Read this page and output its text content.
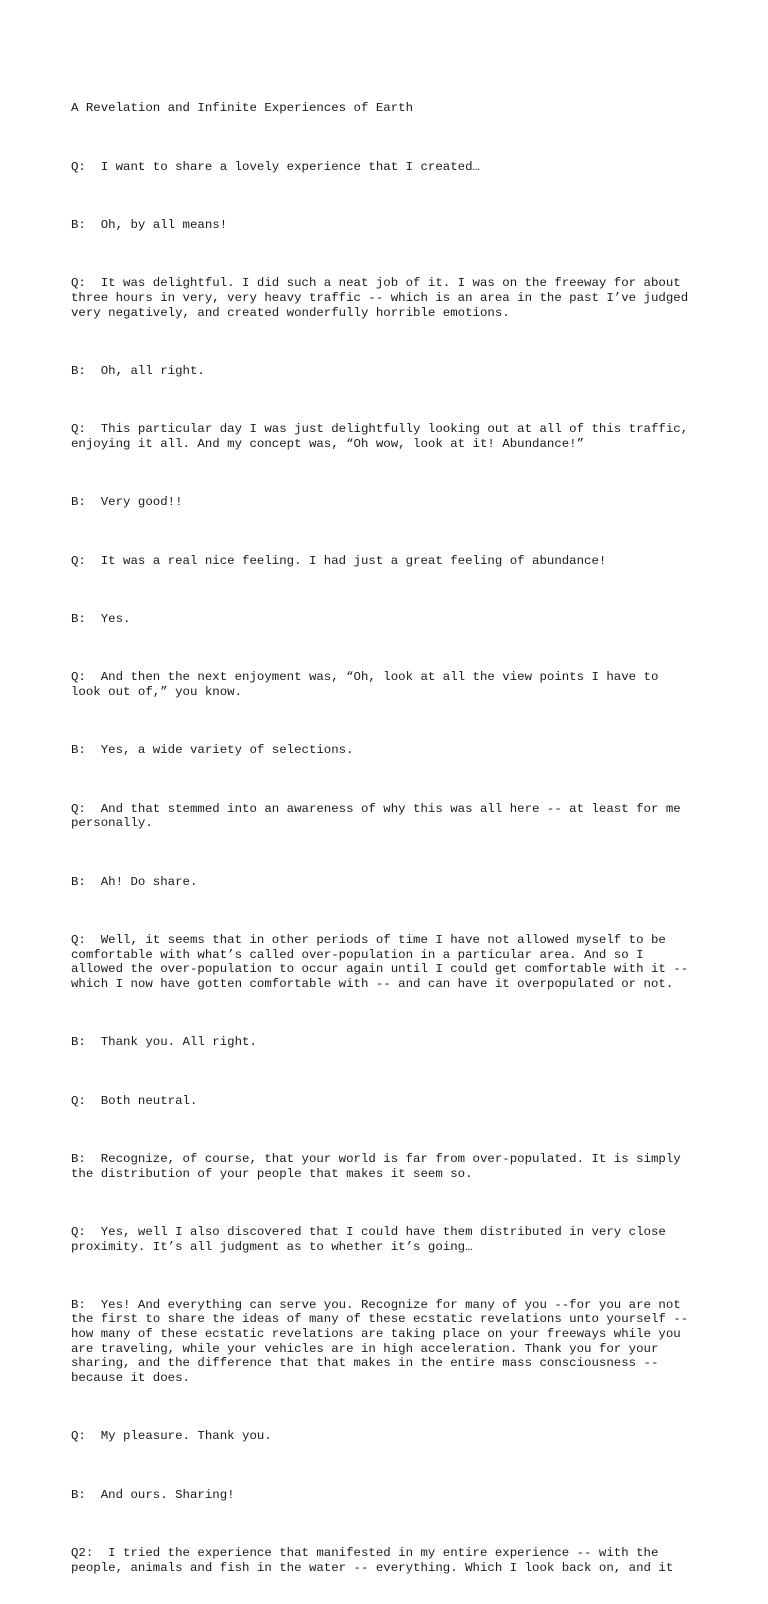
A Revelation and Infinite Experiences of Earth

Q:  I want to share a lovely experience that I created…

B:  Oh, by all means!

Q:  It was delightful. I did such a neat job of it. I was on the freeway for about
three hours in very, very heavy traffic -- which is an area in the past I’ve judged
very negatively, and created wonderfully horrible emotions.

B:  Oh, all right.

Q:  This particular day I was just delightfully looking out at all of this traffic,
enjoying it all. And my concept was, “Oh wow, look at it! Abundance!”

B:  Very good!!

Q:  It was a real nice feeling. I had just a great feeling of abundance!

B:  Yes.

Q:  And then the next enjoyment was, “Oh, look at all the view points I have to
look out of,” you know.

B:  Yes, a wide variety of selections.

Q:  And that stemmed into an awareness of why this was all here -- at least for me
personally.

B:  Ah! Do share.

Q:  Well, it seems that in other periods of time I have not allowed myself to be
comfortable with what’s called over-population in a particular area. And so I
allowed the over-population to occur again until I could get comfortable with it --
which I now have gotten comfortable with -- and can have it overpopulated or not.

B:  Thank you. All right.

Q:  Both neutral.

B:  Recognize, of course, that your world is far from over-populated. It is simply
the distribution of your people that makes it seem so.

Q:  Yes, well I also discovered that I could have them distributed in very close
proximity. It’s all judgment as to whether it’s going…

B:  Yes! And everything can serve you. Recognize for many of you --for you are not
the first to share the ideas of many of these ecstatic revelations unto yourself --
how many of these ecstatic revelations are taking place on your freeways while you
are traveling, while your vehicles are in high acceleration. Thank you for your
sharing, and the difference that that makes in the entire mass consciousness --
because it does.

Q:  My pleasure. Thank you.

B:  And ours. Sharing!

Q2:  I tried the experience that manifested in my entire experience -- with the
people, animals and fish in the water -- everything. Which I look back on, and it
